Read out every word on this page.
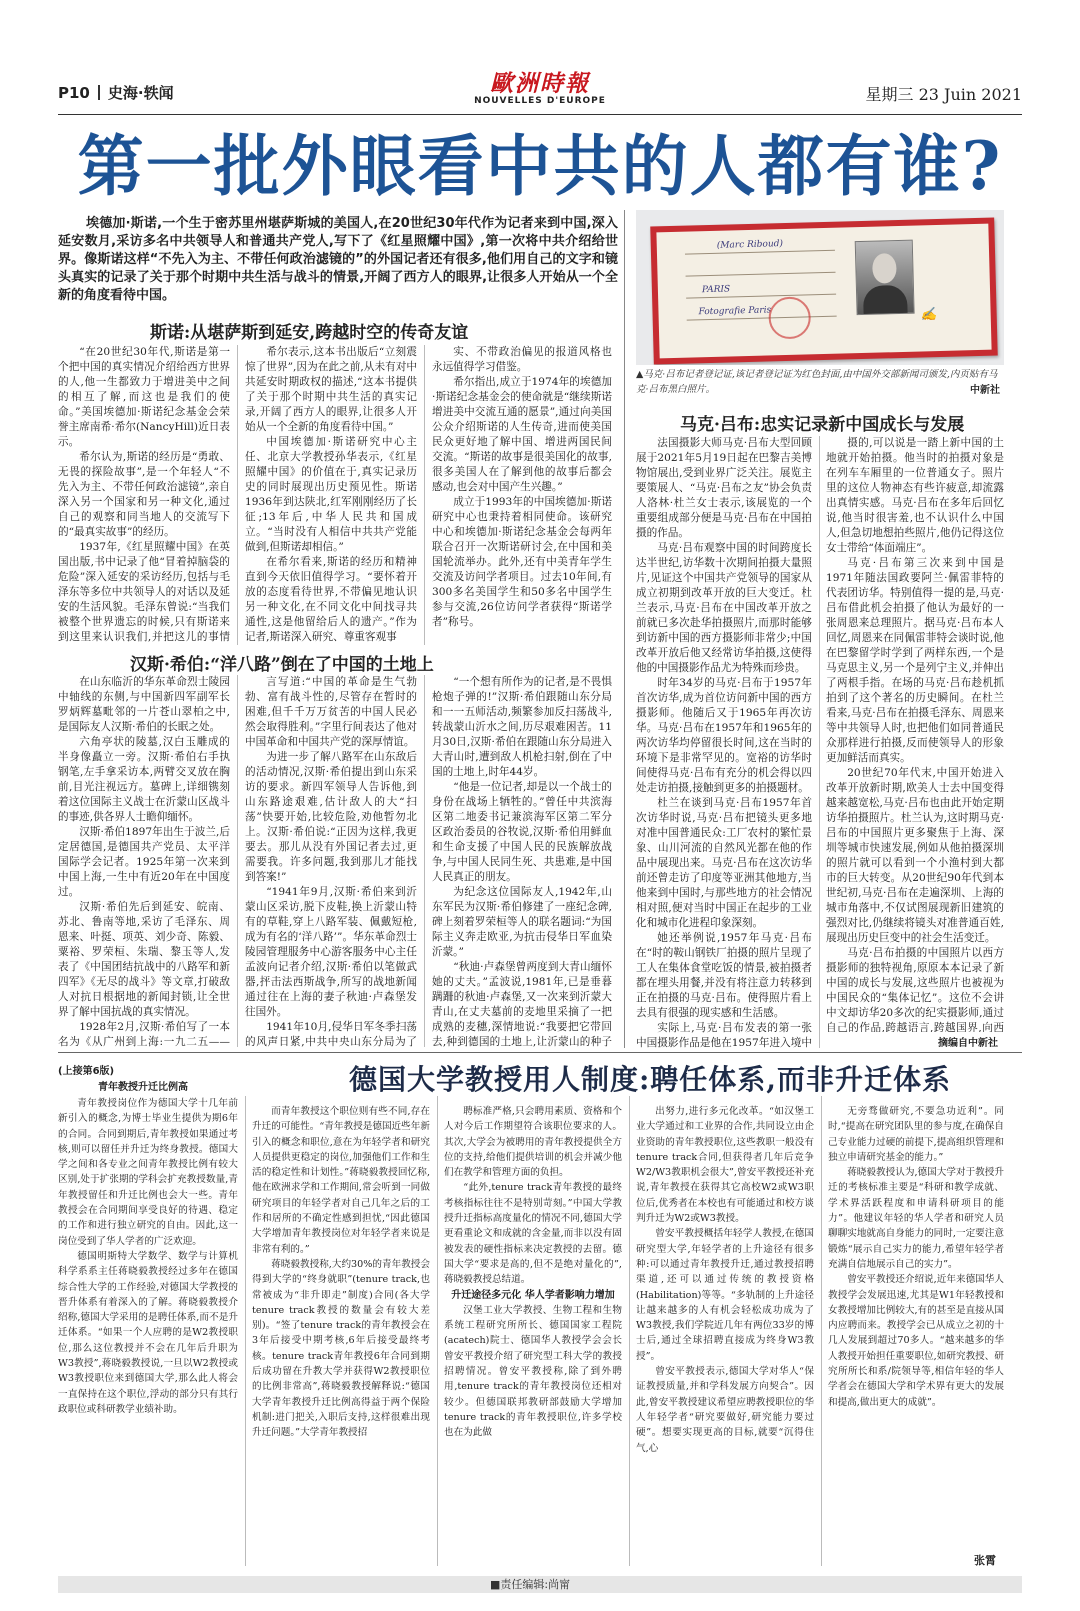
P10 史海·轶闻	歐洲時報
NOUVELLES D'EUROPE	星期三 23 Juin 2021
第一批外眼看中共的人都有谁?
埃德加·斯诺,一个生于密苏里州堪萨斯城的美国人,在20世纪30年代作为记者来到中国,深入延安数月,采访多名中共领导人和普通共产党人,写下了《红星照耀中国》,第一次将中共介绍给世界。像斯诺这样“不先入为主、不带任何政治滤镜的”的外国记者还有很多,他们用自己的文字和镜头真实的记录了关于那个时期中共生活与战斗的情景,开阔了西方人的眼界,让很多人开始从一个全新的角度看待中国。
(Marc Riboud)
PARIS
Fotografie Paris	✍
▲马克·吕布记者登记证,该记者登记证为红色封面,由中国外交部新闻司颁发,内页贴有马克·吕布黑白照片。	中新社
斯诺:从堪萨斯到延安,跨越时空的传奇友谊

“在20世纪30年代,斯诺是第一个把中国的真实情况介绍给西方世界的人,他一生都致力于增进美中之间的相互了解,而这也是我们的使命。”美国埃德加·斯诺纪念基金会荣誉主席南希·希尔(NancyHill)近日表示。

希尔认为,斯诺的经历是“勇敢、无畏的探险故事”,是一个年轻人“不先入为主、不带任何政治滤镜”,亲自深入另一个国家和另一种文化,通过自己的观察和同当地人的交流写下的“最真实故事”的经历。

1937年,《红星照耀中国》在英国出版,书中记录了他“冒着掉脑袋的危险”深入延安的采访经历,包括与毛泽东等多位中共领导人的对话以及延安的生活风貌。毛泽东曾说:“当我们被整个世界遗忘的时候,只有斯诺来到这里来认识我们,并把这儿的事情

希尔表示,这本书出版后“立刻震惊了世界”,因为在此之前,从未有对中共延安时期政权的描述,“这本书提供了关于那个时期中共生活的真实记录,开阔了西方人的眼界,让很多人开始从一个全新的角度看待中国。”

中国埃德加·斯诺研究中心主任、北京大学教授孙华表示,《红星照耀中国》的价值在于,真实记录历史的同时展现出历史预见性。斯诺1936年到达陕北,红军刚刚经历了长征;13年后,中华人民共和国成立。“当时没有人相信中共共产党能做到,但斯诺却相信。”

在希尔看来,斯诺的经历和精神直到今天依旧值得学习。“要怀着开放的态度看待世界,不带偏见地认识另一种文化,在不同文化中间找寻共通性,这是他留给后人的遗产。”作为记者,斯诺深入研究、尊重客观事

实、不带政治偏见的报道风格也永远值得学习借鉴。

希尔指出,成立于1974年的埃德加·斯诺纪念基金会的使命就是“继续斯诺增进美中交流互通的愿景”,通过向美国公众介绍斯诺的人生传奇,进而使美国民众更好地了解中国、增进两国民间交流。“斯诺的故事是很美国化的故事,很多美国人在了解到他的故事后都会感动,也会对中国产生兴趣。”

成立于1993年的中国埃德加·斯诺研究中心也秉持着相同使命。该研究中心和埃德加·斯诺纪念基金会每两年联合召开一次斯诺研讨会,在中国和美国轮流举办。此外,还有中美青年学生交流及访问学者项目。过去10年间,有300多名美国学生和50多名中国学生参与交流,26位访问学者获得“斯诺学者”称号。

汉斯·希伯:“洋八路”倒在了中国的土地上

在山东临沂的华东革命烈士陵园中轴线的东侧,与中国新四军副军长罗炳辉墓毗邻的一片苍山翠柏之中,是国际友人汉斯·希伯的长眠之处。

六角亭状的陵墓,汉白玉雕成的半身像矗立一旁。汉斯·希伯右手执钢笔,左手拿采访本,两臂交叉放在胸前,目光注视远方。墓碑上,详细镌刻着这位国际主义战士在沂蒙山区战斗的事迹,供各界人士瞻仰缅怀。

汉斯·希伯1897年出生于波兰,后定居德国,是德国共产党员、太平洋国际学会记者。1925年第一次来到中国上海,一生中有近20年在中国度过。

汉斯·希伯先后到延安、皖南、苏北、鲁南等地,采访了毛泽东、周恩来、叶挺、项英、刘少奇、陈毅、粟裕、罗荣桓、朱瑞、黎玉等人,发表了《中国团结抗战中的八路军和新四军》《无尽的战斗》等文章,打破敌人对抗日根据地的新闻封锁,让全世界了解中国抗战的真实情况。

1928年2月,汉斯·希伯写了一本名为《从广州到上海:一九二五——

言写道:“中国的革命是生气勃勃、富有战斗性的,尽管存在暂时的困难,但千千万万贫苦的中国人民必然会取得胜利。”字里行间表达了他对中国革命和中国共产党的深厚情谊。

为进一步了解八路军在山东敌后的活动情况,汉斯·希伯提出到山东采访的要求。新四军领导人告诉他,到山东路途艰难,估计敌人的大“扫荡”快要开始,比较危险,劝他暂勿北上。汉斯·希伯说:“正因为这样,我更要去。那儿从没有外国记者去过,更需要我。许多问题,我到那儿才能找到答案!”

“1941年9月,汉斯·希伯来到沂蒙山区采访,脱下皮鞋,换上沂蒙山特有的草鞋,穿上八路军装、佩戴短枪,成为有名的‘洋八路’”。华东革命烈士陵园管理服务中心游客服务中心主任孟波向记者介绍,汉斯·希伯以笔做武器,抨击法西斯战争,所写的战地新闻通过往在上海的妻子秋迪·卢森堡发往国外。

1941年10月,侵华日军冬季扫荡的风声日紧,中共中央山东分局为了

“一个想有所作为的记者,是不畏惧枪炮子弹的!”汉斯·希伯跟随山东分局和一一五师活动,频繁参加反扫荡战斗,转战蒙山沂水之间,历尽艰难困苦。11月30日,汉斯·希伯在跟随山东分局进入大青山时,遭到敌人机枪扫射,倒在了中国的土地上,时年44岁。

“他是一位记者,却是以一个战士的身份在战场上牺牲的。”曾任中共滨海区第二地委书记兼滨海军区第二军分区政治委员的谷牧说,汉斯·希伯用鲜血和生命支援了中国人民的民族解放战争,与中国人民同生死、共患难,是中国人民真正的朋友。

为纪念这位国际友人,1942年,山东军民为汉斯·希伯修建了一座纪念碑,碑上刻着罗荣桓等人的联名题词:“为国际主义奔走欧亚,为抗击侵华日军血染沂蒙。”

“秋迪·卢森堡曾两度到大青山缅怀她的丈夫。”孟波说,1981年,已是垂暮蹒跚的秋迪·卢森堡,又一次来到沂蒙大青山,在丈夫墓前的麦地里采摘了一把成熟的麦穗,深情地说:“我要把它带回去,种到德国的土地上,让沂蒙山的种子

马克·吕布:忠实记录新中国成长与发展

法国摄影大师马克·吕布大型回顾展于2021年5月19日起在巴黎吉美博物馆展出,受到业界广泛关注。展览主要策展人、“马克·吕布之友”协会负责人洛林·杜兰女士表示,该展览的一个重要组成部分便是马克·吕布在中国拍摄的作品。

马克·吕布观察中国的时间跨度长达半世纪,访华数十次期间拍摄大量照片,见证这个中国共产党领导的国家从成立初期到改革开放的巨大变迁。杜兰表示,马克·吕布在中国改革开放之前就已多次赴华拍摄照片,而那时能够到访新中国的西方摄影师非常少;中国改革开放后他又经常访华拍摄,这使得他的中国摄影作品尤为特殊而珍贵。

时年34岁的马克·吕布于1957年首次访华,成为首位访问新中国的西方摄影师。他随后又于1965年再次访华。马克·吕布在1957年和1965年的两次访华均停留很长时间,这在当时的环境下是非常罕见的。宽裕的访华时间使得马克·吕布有充分的机会得以四处走访拍摄,接触到更多的拍摄题材。

杜兰在谈到马克·吕布1957年首次访华时说,马克·吕布把镜头更多地对准中国普通民众:工厂农村的繁忙景象、山川河流的自然风光都在他的作品中展现出来。马克·吕布在这次访华前还曾走访了印度等亚洲其他地方,当他来到中国时,与那些地方的社会情况相对照,便对当时中国正在起步的工业化和城市化进程印象深刻。

她还举例说,1957年马克·吕布在“时的鞍山钢铁厂拍摄的照片呈现了工人在集体食堂吃饭的情景,被拍摄者都在埋头用餐,并没有将注意力转移到正在拍摄的马克·吕布。使得照片看上去具有很强的现实感和生活感。

实际上,马克·吕布发表的第一张中国摄影作品是他在1957年进入境中

摄的,可以说是一踏上新中国的土地就开始拍摄。他当时的拍摄对象是在列车车厢里的一位普通女子。照片里的这位人物神态有些许疲意,却流露出真情实感。马克·吕布在多年后回忆说,他当时很害羞,也不认识什么中国人,但急切地想拍些照片,他仍记得这位女士带给“体面端庄”。

马克·吕布第三次来到中国是1971年随法国政要阿兰·佩雷菲特的代表团访华。特别值得一提的是,马克·吕布借此机会拍摄了他认为最好的一张周恩来总理照片。据马克·吕布本人回忆,周恩来在同佩雷菲特会谈时说,他在巴黎留学时学到了两样东西,一个是马克思主义,另一个是列宁主义,并伸出了两根手指。在场的马克·吕布趁机抓拍到了这个著名的历史瞬间。在杜兰看来,马克·吕布在拍摄毛泽东、周恩来等中共领导人时,也把他们如同普通民众那样进行拍摄,反而使领导人的形象更加鲜活而真实。

20世纪70年代末,中国开始进入改革开放新时期,欧美人士去中国变得越来越宽松,马克·吕布也由此开始定期访华拍摄照片。杜兰认为,这时期马克·吕布的中国照片更多聚焦于上海、深圳等城市快速发展,例如从他拍摄深圳的照片就可以看到一个小渔村到大都市的巨大转变。从20世纪90年代到本世纪初,马克·吕布在走遍深圳、上海的城市角落中,不仅试图展现新旧建筑的强烈对比,仍继续将镜头对准普通百姓,展现出历史巨变中的社会生活变迁。

马克·吕布拍摄的中国照片以西方摄影师的独特视角,原原本本记录了新中国的成长与发展,这些照片也被视为中国民众的“集体记忆”。这位不会讲中文却访华20多次的纪实摄影师,通过自己的作品,跨越语言,跨越国界,向西

摘编自中新社
(上接第6版)
青年教授升迁比例高	德国大学教授用人制度:聘任体系,而非升迁体系

青年教授岗位作为德国大学十几年前新引入的概念,为博士毕业生提供为期6年的合同。合同到期后,青年教授如果通过考核,则可以留任并升迁为终身教授。德国大学之间和各专业之间青年教授比例有较大区别,处于扩张期的学科会扩充教授数量,青年教授留任和升迁比例也会大一些。青年教授会在合同期间享受良好的待遇、稳定的工作和进行独立研究的自由。因此,这一岗位受到了华人学者的广泛欢迎。

德国明斯特大学数学、数学与计算机科学系系主任蒋晓毅教授经过多年在德国综合性大学的工作经验,对德国大学教授的晋升体系有着深入的了解。蒋晓毅教授介绍称,德国大学采用的是聘任体系,而不是升迁体系。“如果一个人应聘的是W2教授职位,那么这位教授并不会在几年后升职为W3教授”,蒋晓毅教授说,一旦以W2教授或W3教授职位来到德国大学,那么此人将会一直保持在这个职位,浮动的部分只有其行政职位或科研教学业绩补助。

而青年教授这个职位则有些不同,存在升迁的可能性。“青年教授是德国近些年新引入的概念和职位,意在为年轻学者和研究人员提供更稳定的岗位,加强他们工作和生活的稳定性和计划性。”蒋晓毅教授回忆称,他在欧洲求学和工作期间,常会听到一同做研究项目的年轻学者对自己几年之后的工作和居所的不确定性感到担忧,“因此德国大学增加青年教授岗位对年轻学者来说是非常有利的。”

蒋晓毅教授称,大约30%的青年教授会得到大学的“终身就职”(tenure track,也常被成为“非升即走”制度)合同(各大学tenure track教授的数量会有较大差别)。“签了tenure track的青年教授会在3年后接受中期考核,6年后接受最终考核。tenure track青年教授6年合同到期后成功留在升教大学并获得W2教授职位的比例非常高”,蒋晓毅教授解释说:“德国大学青年教授升迁比例高得益于两个保险机制:进门把关,入职后支持,这样很难出现升迁问题。”大学青年教授招

聘标准严格,只会聘用素质、资格和个人对今后工作期望符合该职位要求的人。其次,大学会为被聘用的青年教授提供全方位的支持,给他们提供培训的机会并减少他们在教学和管理方面的负担。

“此外,tenure track青年教授的最终考核指标往往不是特别苛刻。”中国大学教授升迁指标高度量化的情况不同,德国大学更看重论文和成就的含金量,而非以没有固被发表的硬性指标来决定教授的去留。德国大学“要求是高的,但不是绝对量化的”,蒋晓毅教授总结道。

升迁途径多元化 华人学者影响力增加

汉堡工业大学教授、生物工程和生物系统工程研究所所长、德国国家工程院(acatech)院士、德国华人教授学会会长曾安平教授介绍了研究型工科大学的教授招聘情况。曾安平教授称,除了到外聘用,tenure track的青年教授岗位还相对较少。但德国联邦教研部鼓励大学增加tenure track的青年教授职位,许多学校也在为此做

出努力,进行多元化改革。“如汉堡工业大学通过和工业界的合作,共同设立由企业资助的青年教授职位,这些教职一般没有tenure track合同,但获得者几年后竞争W2/W3教职机会很大”,曾安平教授还补充说,青年教授在获得其它高校W2或W3职位后,优秀者在本校也有可能通过和校方谈判升迁为W2或W3教授。

曾安平教授概括年轻学人教授,在德国研究型大学,年轻学者的上升途径有很多种:可以通过青年教授升迁,通过教授招聘渠道,还可以通过传统的教授资格(Habilitation)等等。“多轨制的上升途径让越来越多的人有机会轻松成功成为了W3教授,我们学院近几年有两位33岁的博士后,通过全球招聘直接成为终身W3教授”。

曾安平教授表示,德国大学对华人“保证教授质量,并和学科发展方向契合”。因此,曾安平教授建议希望应聘教授职位的华人年轻学者“研究要做好,研究能力要过硬”。想要实现更高的目标,就要“沉得住气,心

无旁骛做研究,不要急功近利”。同时,“提高在研究团队里的参与度,在确保自己专业能力过硬的前提下,提高组织管理和独立申请研究基金的能力。”

蒋晓毅教授认为,德国大学对于教授升迁的考核标准主要是“科研和教学成就、学术界活跃程度和申请科研项目的能力”。他建议年轻的华人学者和研究人员聊聊实地就高自身能力的同时,一定要注意锻炼“展示自己实力的能力,希望年轻学者充满自信地展示自己的实力”。

曾安平教授还介绍说,近年来德国华人教授学会发展迅速,尤其是W1年轻教授和女教授增加比例较大,有的甚至是直接从国内应聘而来。教授学会已从成立之初的十几人发展到超过70多人。“越来越多的华人教授开始担任重要职位,如研究教授、研究所所长和系/院领导等,相信年轻的华人学者会在德国大学和学术界有更大的发展和提高,做出更大的成就”。

张霄
■责任编辑:尚甯
